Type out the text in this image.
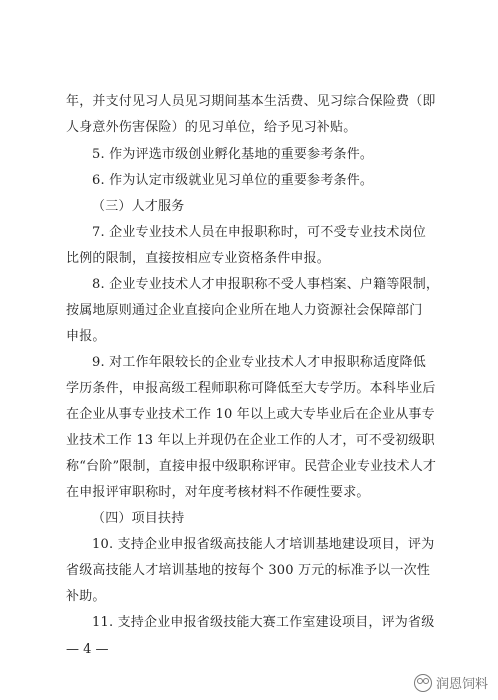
年，并支付见习人员见习期间基本生活费、见习综合保险费（即
人身意外伤害保险）的见习单位，给予见习补贴。
5. 作为评选市级创业孵化基地的重要参考条件。
6. 作为认定市级就业见习单位的重要参考条件。
（三）人才服务
7. 企业专业技术人员在申报职称时，可不受专业技术岗位
比例的限制，直接按相应专业资格条件申报。
8. 企业专业技术人才申报职称不受人事档案、户籍等限制，
按属地原则通过企业直接向企业所在地人力资源社会保障部门
申报。
9. 对工作年限较长的企业专业技术人才申报职称适度降低
学历条件，申报高级工程师职称可降低至大专学历。本科毕业后
在企业从事专业技术工作 10 年以上或大专毕业后在企业从事专
业技术工作 13 年以上并现仍在企业工作的人才，可不受初级职
称“台阶”限制，直接申报中级职称评审。民营企业专业技术人才
在申报评审职称时，对年度考核材料不作硬性要求。
（四）项目扶持
10. 支持企业申报省级高技能人才培训基地建设项目，评为
省级高技能人才培训基地的按每个 300 万元的标准予以一次性
补助。
11. 支持企业申报省级技能大赛工作室建设项目，评为省级
— 4 —
润恩饲料
